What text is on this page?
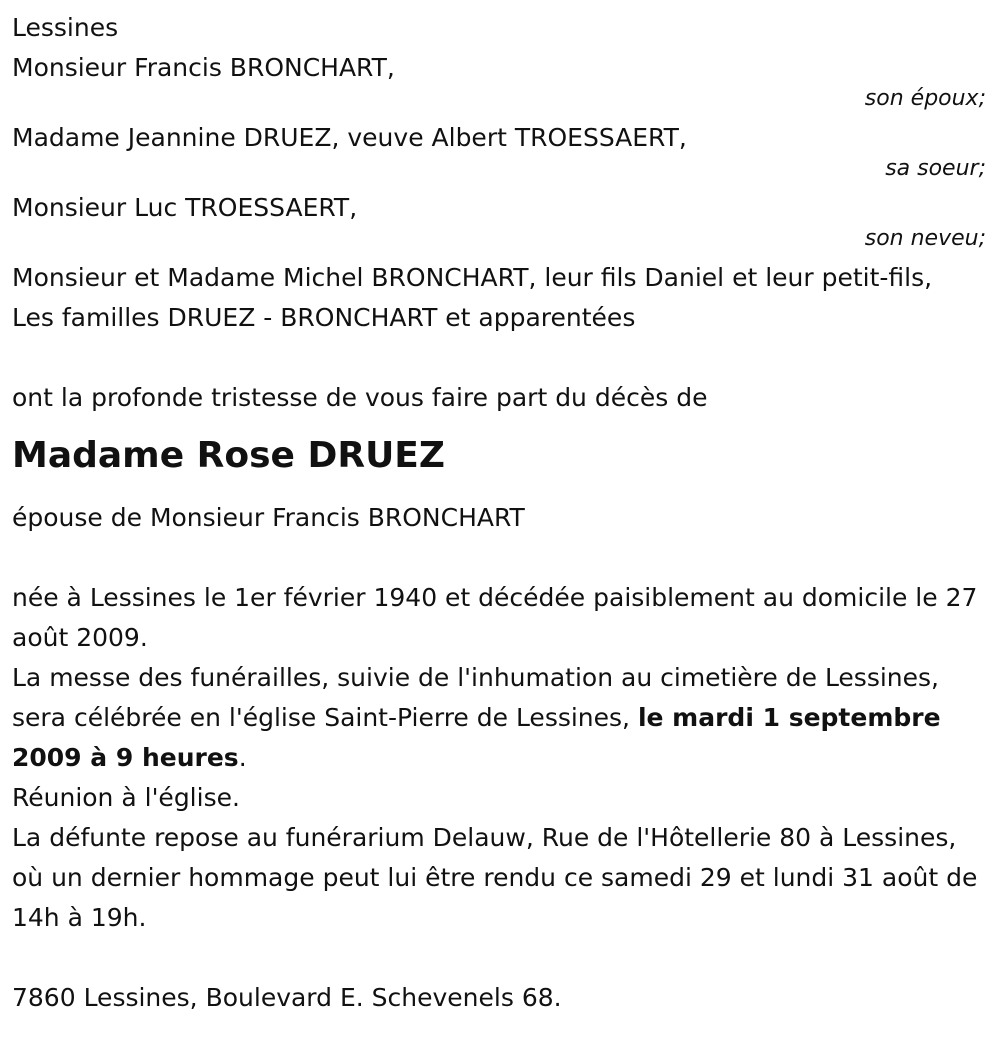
Lessines
Monsieur Francis BRONCHART,
son époux;
Madame Jeannine DRUEZ, veuve Albert TROESSAERT,
sa soeur;
Monsieur Luc TROESSAERT,
son neveu;
Monsieur et Madame Michel BRONCHART, leur fils Daniel et leur petit-fils,
Les familles DRUEZ - BRONCHART et apparentées
ont la profonde tristesse de vous faire part du décès de
Madame Rose DRUEZ
épouse de Monsieur Francis BRONCHART
née à Lessines le 1er février 1940 et décédée paisiblement au domicile le 27 août 2009.
La messe des funérailles, suivie de l'inhumation au cimetière de Lessines, sera célébrée en l'église Saint-Pierre de Lessines, le mardi 1 septembre 2009 à 9 heures.
Réunion à l'église.
La défunte repose au funérarium Delauw, Rue de l'Hôtellerie 80 à Lessines, où un dernier hommage peut lui être rendu ce samedi 29 et lundi 31 août de 14h à 19h.
7860 Lessines, Boulevard E. Schevenels 68.
